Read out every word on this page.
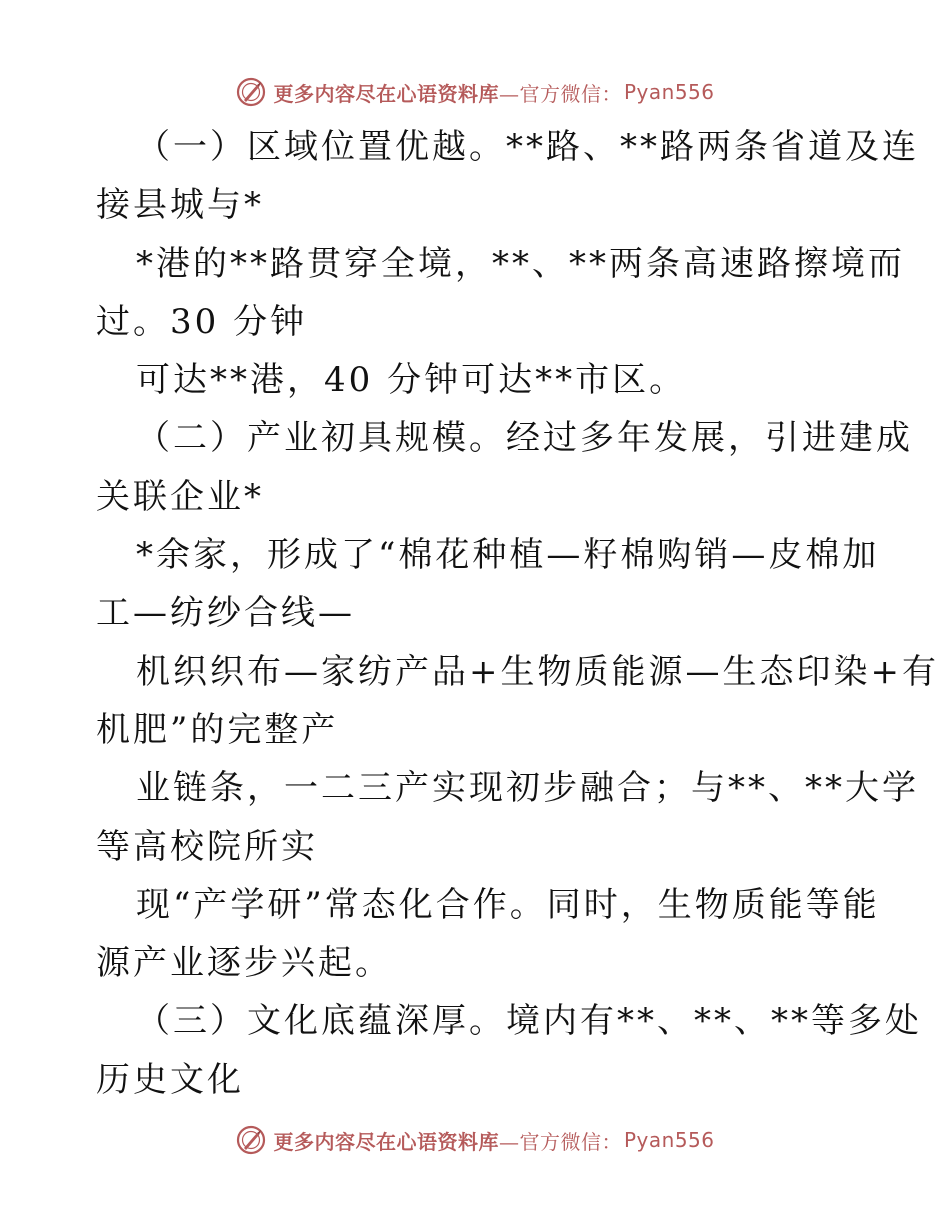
更多内容尽在心语资料库 —官方微信： Pyan556
（一）区域位置优越。**路、**路两条省道及连
接县城与*
*港的**路贯穿全境，**、**两条高速路擦境而
过。30 分钟
可达**港，40 分钟可达**市区。
（二）产业初具规模。经过多年发展，引进建成
关联企业*
*余家，形成了“棉花种植—籽棉购销—皮棉加
工—纺纱合线—
机织织布—家纺产品+生物质能源—生态印染+有
机肥”的完整产
业链条，一二三产实现初步融合；与**、**大学
等高校院所实
现“产学研”常态化合作。同时，生物质能等能
源产业逐步兴起。
（三）文化底蕴深厚。境内有**、**、**等多处
历史文化
更多内容尽在心语资料库 —官方微信： Pyan556
